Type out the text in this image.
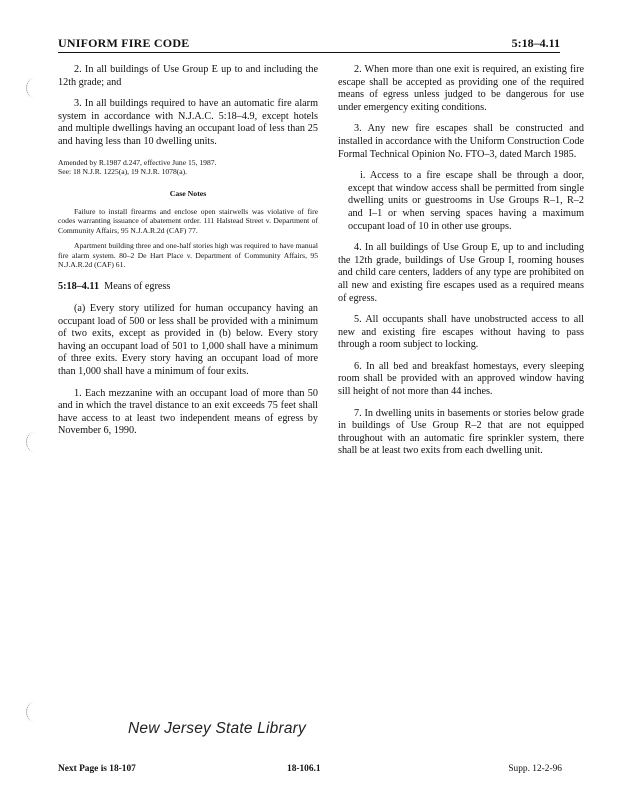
UNIFORM FIRE CODE	5:18–4.11

2. In all buildings of Use Group E up to and including the 12th grade; and

3. In all buildings required to have an automatic fire alarm system in accordance with N.J.A.C. 5:18–4.9, except hotels and multiple dwellings having an occupant load of less than 25 and having less than 10 dwelling units.

Amended by R.1987 d.247, effective June 15, 1987.

See: 18 N.J.R. 1225(a), 19 N.J.R. 1078(a).

Case Notes

Failure to install firearms and enclose open stairwells was violative of fire codes warranting issuance of abatement order. 111 Halstead Street v. Department of Community Affairs, 95 N.J.A.R.2d (CAF) 77.

Apartment building three and one-half stories high was required to have manual fire alarm system. 80–2 De Hart Place v. Department of Community Affairs, 95 N.J.A.R.2d (CAF) 61.

5:18–4.11 Means of egress

(a) Every story utilized for human occupancy having an occupant load of 500 or less shall be provided with a minimum of two exits, except as provided in (b) below. Every story having an occupant load of 501 to 1,000 shall have a minimum of three exits. Every story having an occupant load of more than 1,000 shall have a minimum of four exits.

1. Each mezzanine with an occupant load of more than 50 and in which the travel distance to an exit exceeds 75 feet shall have access to at least two independent means of egress by November 6, 1990.

2. When more than one exit is required, an existing fire escape shall be accepted as providing one of the required means of egress unless judged to be dangerous for use under emergency exiting conditions.

3. Any new fire escapes shall be constructed and installed in accordance with the Uniform Construction Code Formal Technical Opinion No. FTO–3, dated March 1985.

i. Access to a fire escape shall be through a door, except that window access shall be permitted from single dwelling units or guestrooms in Use Groups R–1, R–2 and I–1 or when serving spaces having a maximum occupant load of 10 in other use groups.

4. In all buildings of Use Group E, up to and including the 12th grade, buildings of Use Group I, rooming houses and child care centers, ladders of any type are prohibited on all new and existing fire escapes used as a required means of egress.

5. All occupants shall have unobstructed access to all new and existing fire escapes without having to pass through a room subject to locking.

6. In all bed and breakfast homestays, every sleeping room shall be provided with an approved window having sill height of not more than 44 inches.

7. In dwelling units in basements or stories below grade in buildings of Use Group R–2 that are not equipped throughout with an automatic fire sprinkler system, there shall be at least two exits from each dwelling unit.

New Jersey State Library
Next Page is 18-107	18-106.1	Supp. 12-2-96
